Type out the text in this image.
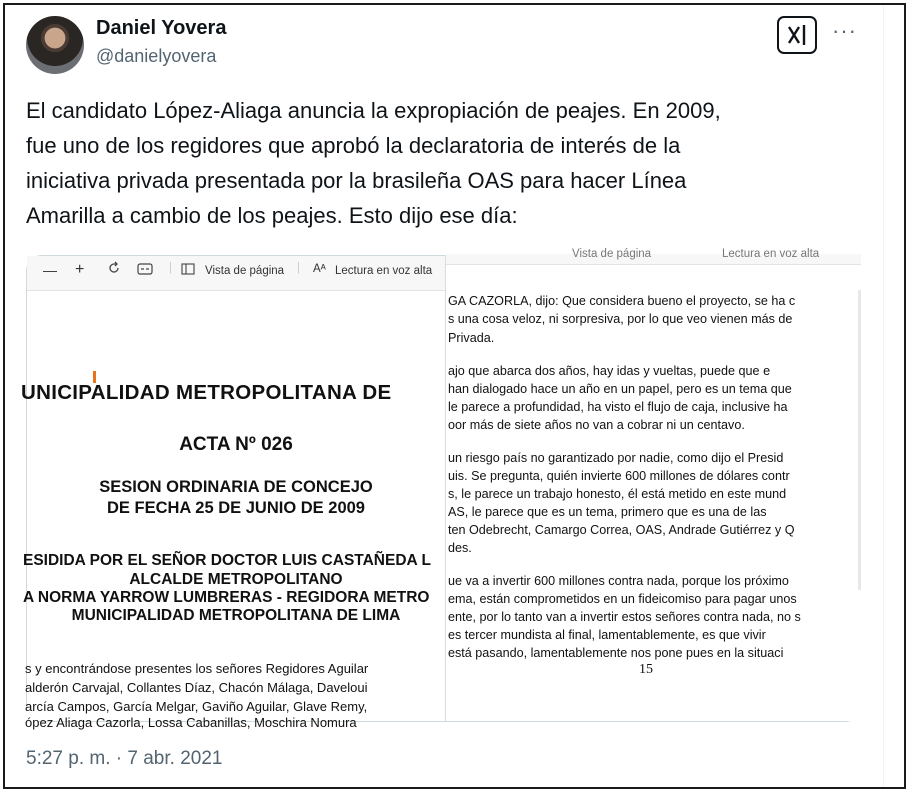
Daniel Yovera
@danielyovera
···
El candidato López-Aliaga anuncia la expropiación de peajes. En 2009,
fue uno de los regidores que aprobó la declaratoria de interés de la
iniciativa privada presentada por la brasileña OAS para hacer Línea
Amarilla a cambio de los peajes. Esto dijo ese día:
— +	|	Vista de página | Aᴬ Lectura en voz alta
UNICIPALIDAD METROPOLITANA DE
ACTA Nº 026
SESION ORDINARIA DE CONCEJO
DE FECHA 25 DE JUNIO DE 2009
ESIDIDA POR EL SEÑOR DOCTOR LUIS CASTAÑEDA L
ALCALDE METROPOLITANO
A NORMA YARROW LUMBRERAS - REGIDORA METRO
MUNICIPALIDAD METROPOLITANA DE LIMA
s y encontrándose presentes los señores Regidores Aguilar
alderón Carvajal, Collantes Díaz, Chacón Málaga, Daveloui
arcía Campos, García Melgar, Gaviño Aguilar, Glave Remy,
ópez Aliaga Cazorla, Lossa Cabanillas, Moschira Nomura
Vista de página	Lectura en voz alta
GA CAZORLA, dijo: Que considera bueno el proyecto, se ha c
s una cosa veloz, ni sorpresiva, por lo que veo vienen más de
Privada.
ajo que abarca dos años, hay idas y vueltas, puede que e
han dialogado hace un año en un papel, pero es un tema que
le parece a profundidad, ha visto el flujo de caja, inclusive ha
oor más de siete años no van a cobrar ni un centavo.
un riesgo país no garantizado por nadie, como dijo el Presid
uis. Se pregunta, quién invierte 600 millones de dólares contr
s, le parece un trabajo honesto, él está metido en este mund
AS, le parece que es un tema, primero que es una de las
ten Odebrecht, Camargo Correa, OAS, Andrade Gutiérrez y Q
des.
ue va a invertir 600 millones contra nada, porque los próximo
ema, están comprometidos en un fideicomiso para pagar unos
ente, por lo tanto van a invertir estos señores contra nada, no s
es tercer mundista al final, lamentablemente, es que vivir
está pasando, lamentablemente nos pone pues en la situaci
15
5:27 p. m. · 7 abr. 2021
